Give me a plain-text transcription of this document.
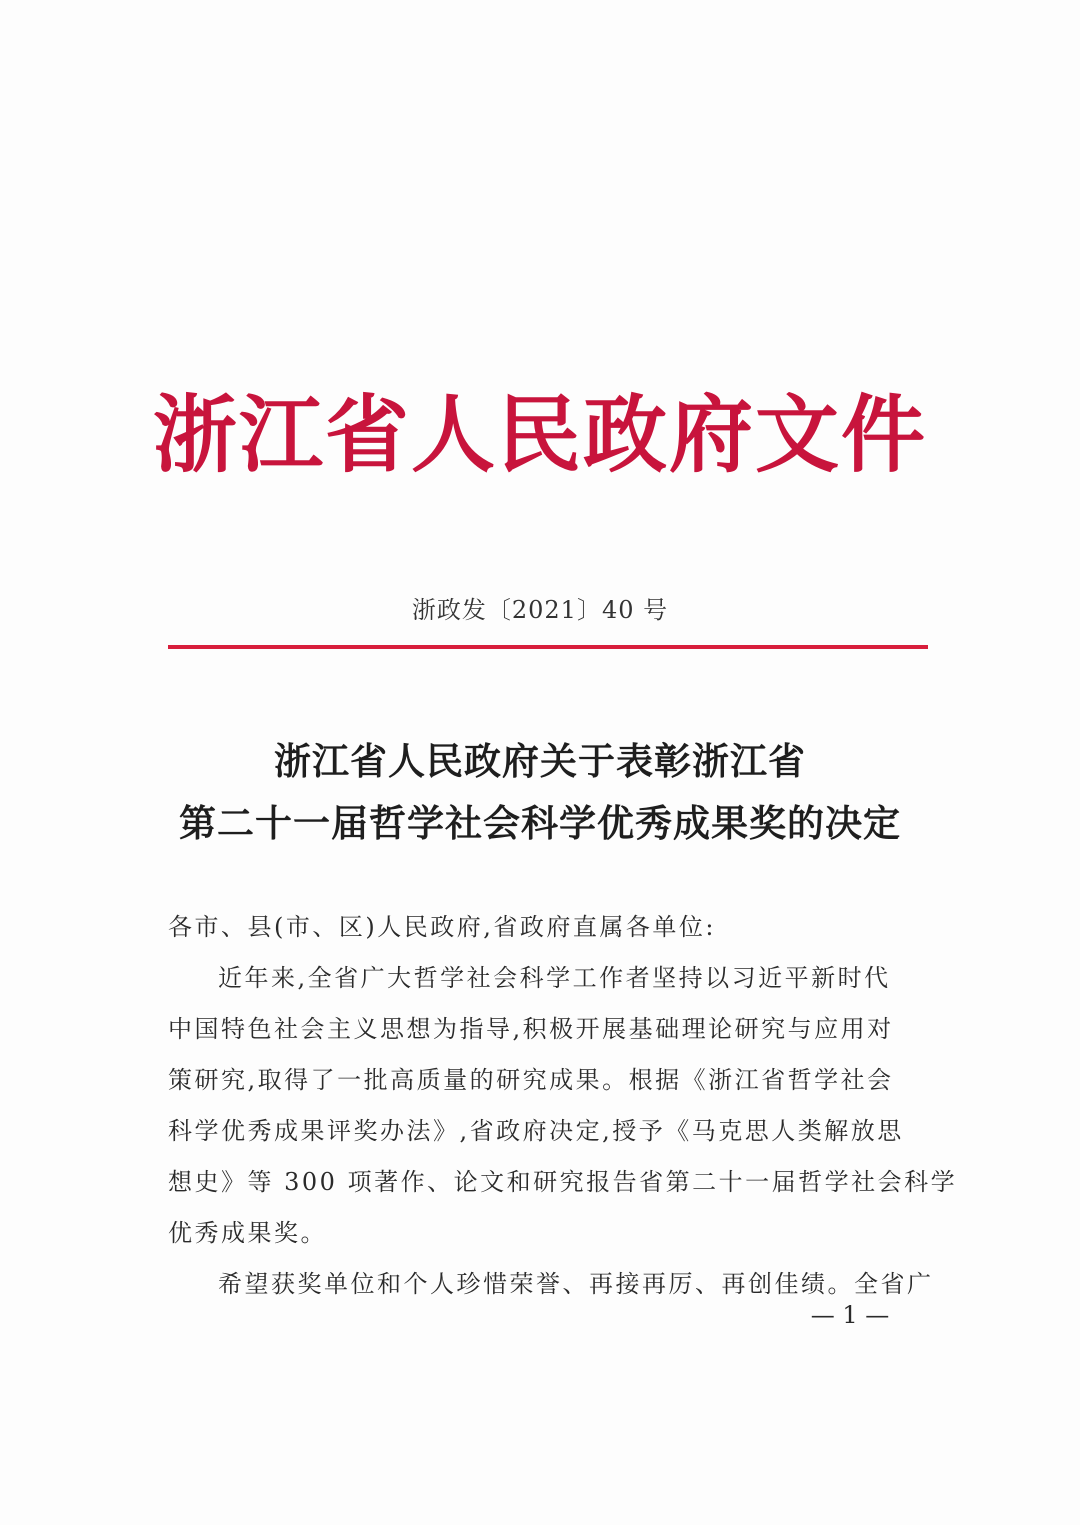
浙江省人民政府文件
浙政发〔2021〕40 号
浙江省人民政府关于表彰浙江省
第二十一届哲学社会科学优秀成果奖的决定
各市、县(市、区)人民政府,省政府直属各单位:
近年来,全省广大哲学社会科学工作者坚持以习近平新时代
中国特色社会主义思想为指导,积极开展基础理论研究与应用对
策研究,取得了一批高质量的研究成果。根据《浙江省哲学社会
科学优秀成果评奖办法》,省政府决定,授予《马克思人类解放思
想史》等 300 项著作、论文和研究报告省第二十一届哲学社会科学
优秀成果奖。
希望获奖单位和个人珍惜荣誉、再接再厉、再创佳绩。全省广
— 1 —
